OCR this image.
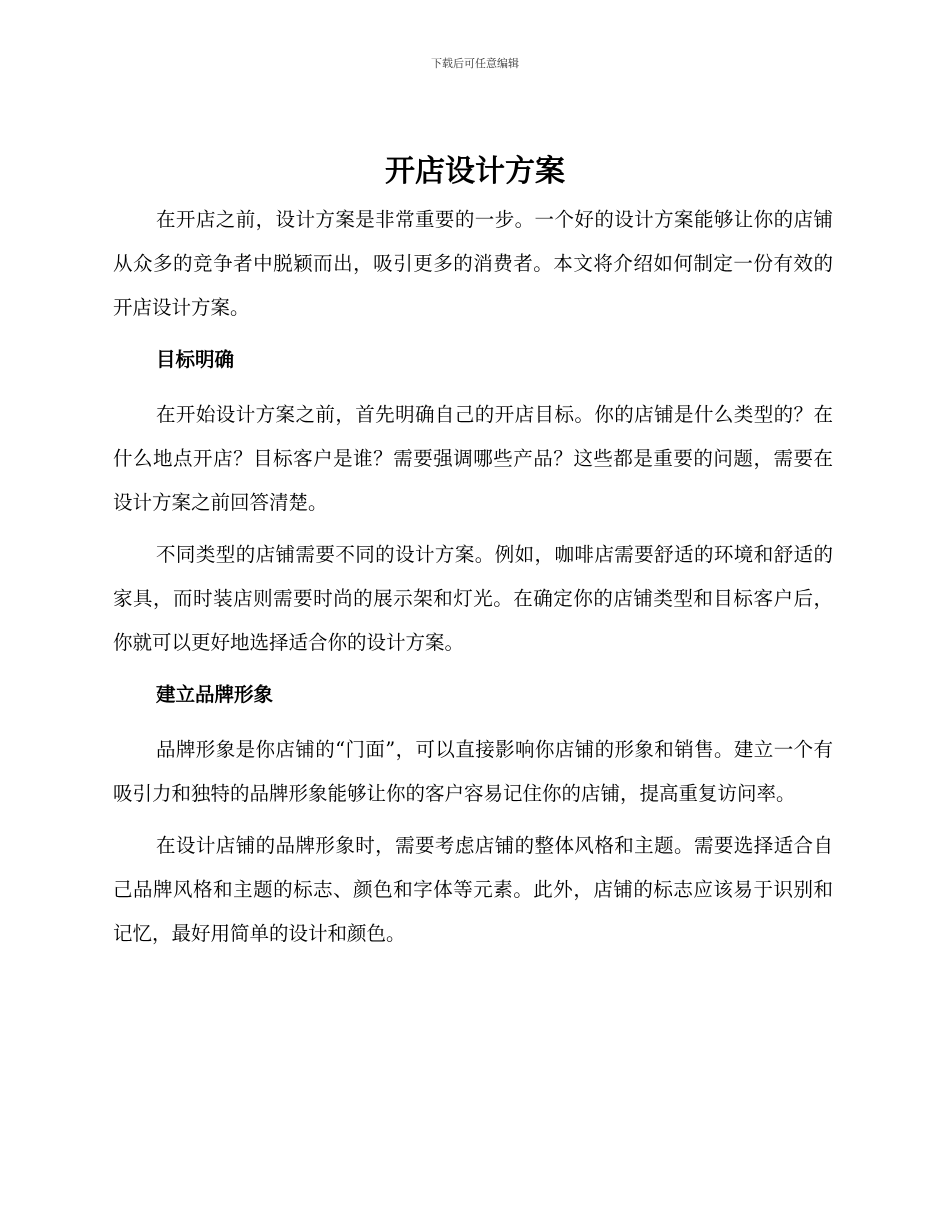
下载后可任意编辑
开店设计方案

在开店之前，设计方案是非常重要的一步。一个好的设计方案能够让你的店铺从众多的竞争者中脱颖而出，吸引更多的消费者。本文将介绍如何制定一份有效的开店设计方案。

目标明确

在开始设计方案之前，首先明确自己的开店目标。你的店铺是什么类型的？在什么地点开店？目标客户是谁？需要强调哪些产品？这些都是重要的问题，需要在设计方案之前回答清楚。

不同类型的店铺需要不同的设计方案。例如，咖啡店需要舒适的环境和舒适的家具，而时装店则需要时尚的展示架和灯光。在确定你的店铺类型和目标客户后，你就可以更好地选择适合你的设计方案。

建立品牌形象

品牌形象是你店铺的“门面”，可以直接影响你店铺的形象和销售。建立一个有吸引力和独特的品牌形象能够让你的客户容易记住你的店铺，提高重复访问率。

在设计店铺的品牌形象时，需要考虑店铺的整体风格和主题。需要选择适合自己品牌风格和主题的标志、颜色和字体等元素。此外，店铺的标志应该易于识别和记忆，最好用简单的设计和颜色。
